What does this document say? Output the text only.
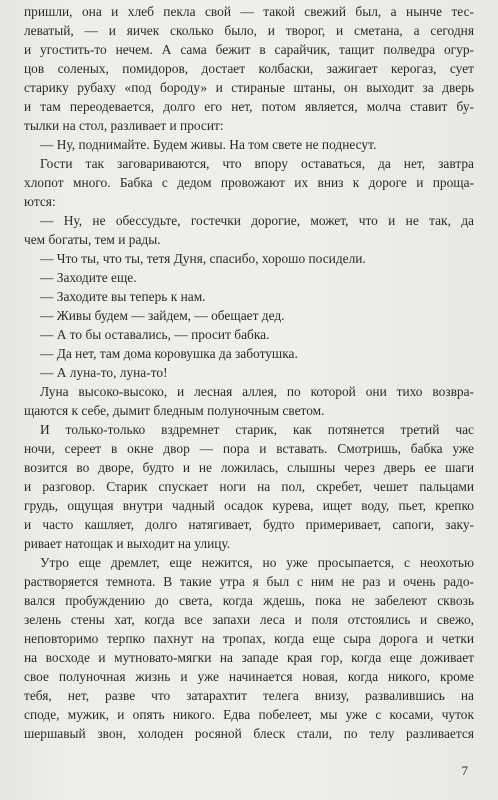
пришли, она и хлеб пекла свой — такой свежий был, а нынче тес-
леватый, — и яичек сколько было, и творог, и сметана, а сегодня
и угостить-то нечем. А сама бежит в сарайчик, тащит полведра огур-
цов соленых, помидоров, достает колбаски, зажигает керогаз, сует
старику рубаху «под бороду» и стираные штаны, он выходит за дверь
и там переодевается, долго его нет, потом является, молча ставит бу-
тылки на стол, разливает и просит:
— Ну, поднимайте. Будем живы. На том свете не поднесут.
Гости так заговариваются, что впору оставаться, да нет, завтра
хлопот много. Бабка с дедом провожают их вниз к дороге и проща-
ются:
— Ну, не обессудьте, гостечки дорогие, может, что и не так, да
чем богаты, тем и рады.
— Что ты, что ты, тетя Дуня, спасибо, хорошо посидели.
— Заходите еще.
— Заходите вы теперь к нам.
— Живы будем — зайдем, — обещает дед.
— А то бы оставались, — просит бабка.
— Да нет, там дома коровушка да заботушка.
— А луна-то, луна-то!
Луна высоко-высоко, и лесная аллея, по которой они тихо возвра-
щаются к себе, дымит бледным полуночным светом.
И только-только вздремнет старик, как потянется третий час
ночи, сереет в окне двор — пора и вставать. Смотришь, бабка уже
возится во дворе, будто и не ложилась, слышны через дверь ее шаги
и разговор. Старик спускает ноги на пол, скребет, чешет пальцами
грудь, ощущая внутри чадный осадок курева, ищет воду, пьет, крепко
и часто кашляет, долго натягивает, будто примеривает, сапоги, заку-
ривает натощак и выходит на улицу.
Утро еще дремлет, еще нежится, но уже просыпается, с неохотью
растворяется темнота. В такие утра я был с ним не раз и очень радо-
вался пробуждению до света, когда ждешь, пока не забелеют сквозь
зелень стены хат, когда все запахи леса и поля отстоялись и свежо,
неповторимо терпко пахнут на тропах, когда еще сыра дорога и четки
на восходе и мутновато-мягки на западе края гор, когда еще доживает
свое полуночная жизнь и уже начинается новая, когда никого, кроме
тебя, нет, разве что затарахтит телега внизу, развалившись на
сподe, мужик, и опять никого. Едва побелеет, мы уже с косами, чуток
шершавый звон, холоден росяной блеск стали, по телу разливается
7
